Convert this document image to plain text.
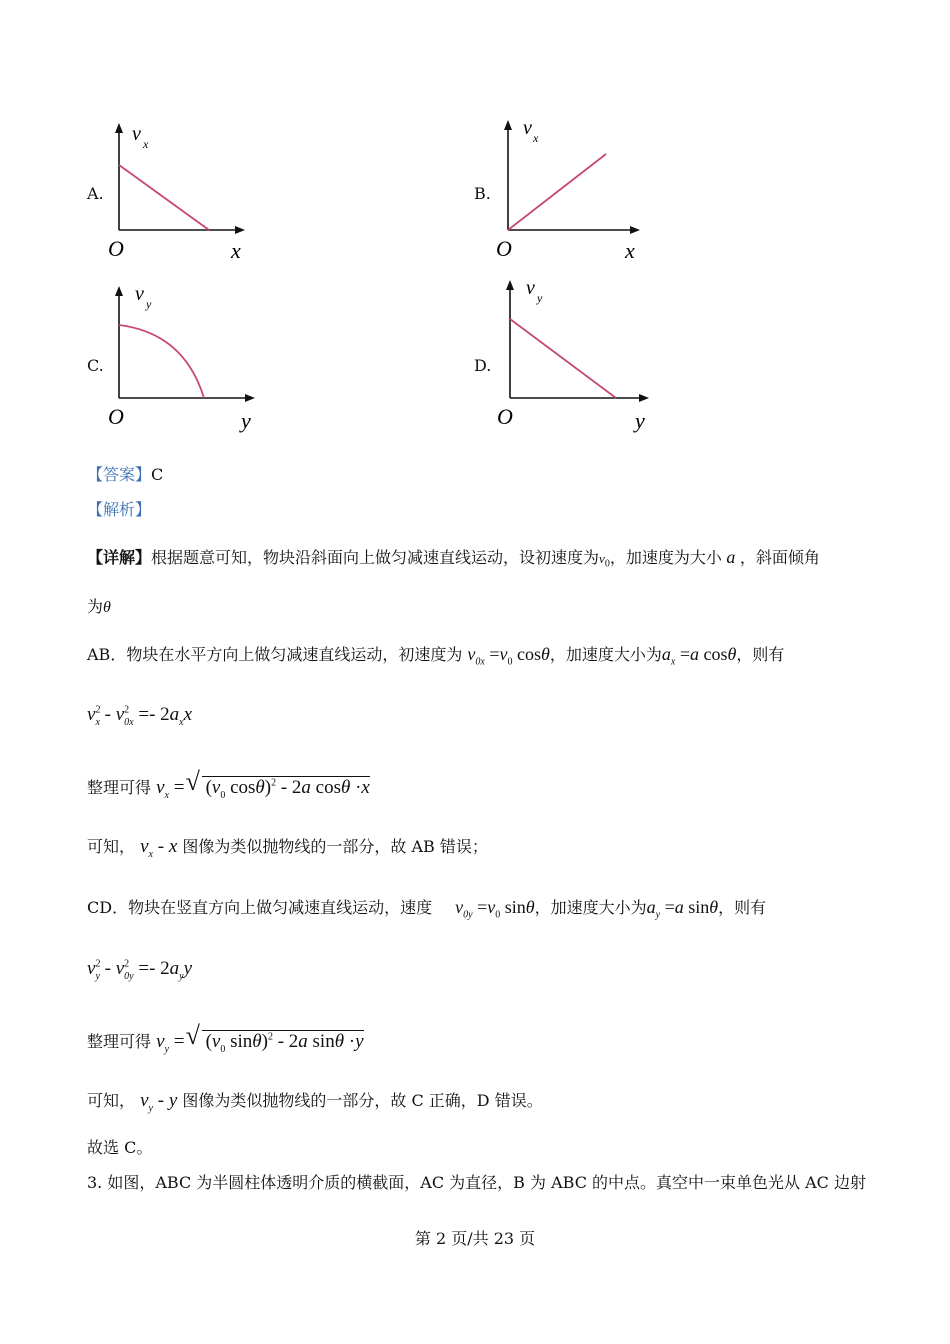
A.
v x
O	x
B.
v x
O	x
C.
v y
O	y
D.
v y
O	y
【答案】C
【解析】
【详解】根据题意可知，物块沿斜面向上做匀减速直线运动，设初速度为$v_0$，加速度为大小 a ，斜面倾角
为θ
AB．物块在水平方向上做匀减速直线运动，初速度为 $v_{0x} =v_0$ cosθ，加速度大小为$a_x =a$ cosθ，则有
$v^2_x - v^2_{0x} =- 2a_xx$
整理可得 $v_x$ = √ ($v_0$ cosθ)$^2$ - 2a cosθ ·x
可知， $v_x$ - x 图像为类似抛物线的一部分，故 AB 错误；
CD．物块在竖直方向上做匀减速直线运动，速度 $v_{0y} =v_0$ sinθ，加速度大小为$a_y =a$ sinθ，则有
$v^2_y - v^2_{0y} =- 2a_yy$
整理可得 $v_y$ = √ ($v_0$ sinθ)$^2$ - 2a sinθ ·y
可知， $v_y$ - y 图像为类似抛物线的一部分，故 C 正确，D 错误。
故选 C。
3. 如图，ABC 为半圆柱体透明介质的横截面，AC 为直径，B 为 ABC 的中点。真空中一束单色光从 AC 边射
第 2 页/共 23 页
